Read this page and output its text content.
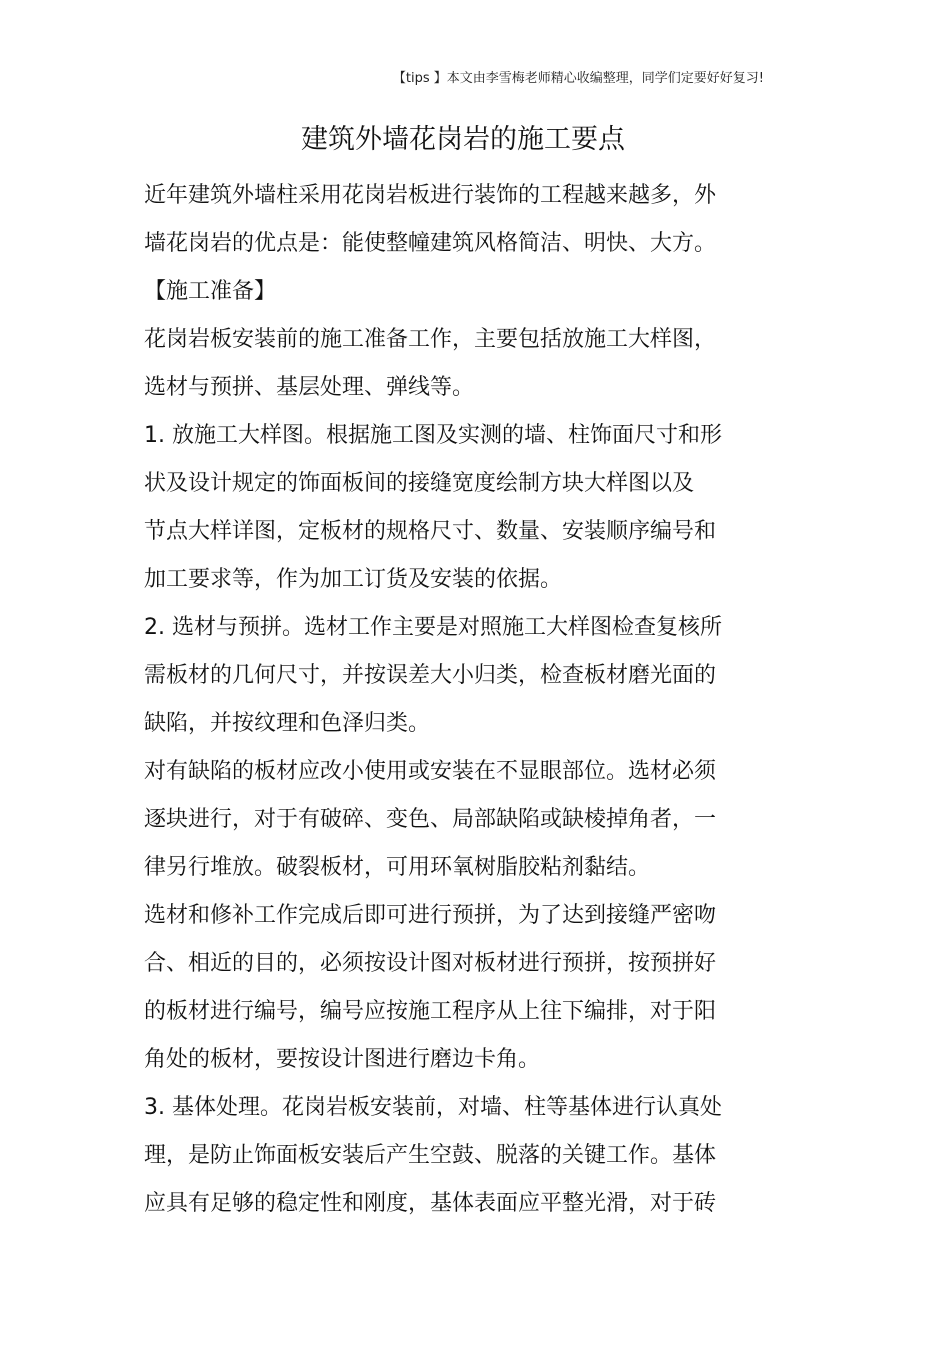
【tips 】本文由李雪梅老师精心收编整理，同学们定要好好复习!
建筑外墙花岗岩的施工要点
近年建筑外墙柱采用花岗岩板进行装饰的工程越来越多，外
墙花岗岩的优点是：能使整幢建筑风格简洁、明快、大方。
【施工准备】
花岗岩板安装前的施工准备工作，主要包括放施工大样图，
选材与预拼、基层处理、弹线等。
1. 放施工大样图。根据施工图及实测的墙、柱饰面尺寸和形
状及设计规定的饰面板间的接缝宽度绘制方块大样图以及
节点大样详图，定板材的规格尺寸、数量、安装顺序编号和
加工要求等，作为加工订货及安装的依据。
2. 选材与预拼。选材工作主要是对照施工大样图检查复核所
需板材的几何尺寸，并按误差大小归类，检查板材磨光面的
缺陷，并按纹理和色泽归类。
对有缺陷的板材应改小使用或安装在不显眼部位。选材必须
逐块进行，对于有破碎、变色、局部缺陷或缺棱掉角者，一
律另行堆放。破裂板材，可用环氧树脂胶粘剂黏结。
选材和修补工作完成后即可进行预拼，为了达到接缝严密吻
合、相近的目的，必须按设计图对板材进行预拼，按预拼好
的板材进行编号，编号应按施工程序从上往下编排，对于阳
角处的板材，要按设计图进行磨边卡角。
3. 基体处理。花岗岩板安装前，对墙、柱等基体进行认真处
理，是防止饰面板安装后产生空鼓、脱落的关键工作。基体
应具有足够的稳定性和刚度，基体表面应平整光滑，对于砖
